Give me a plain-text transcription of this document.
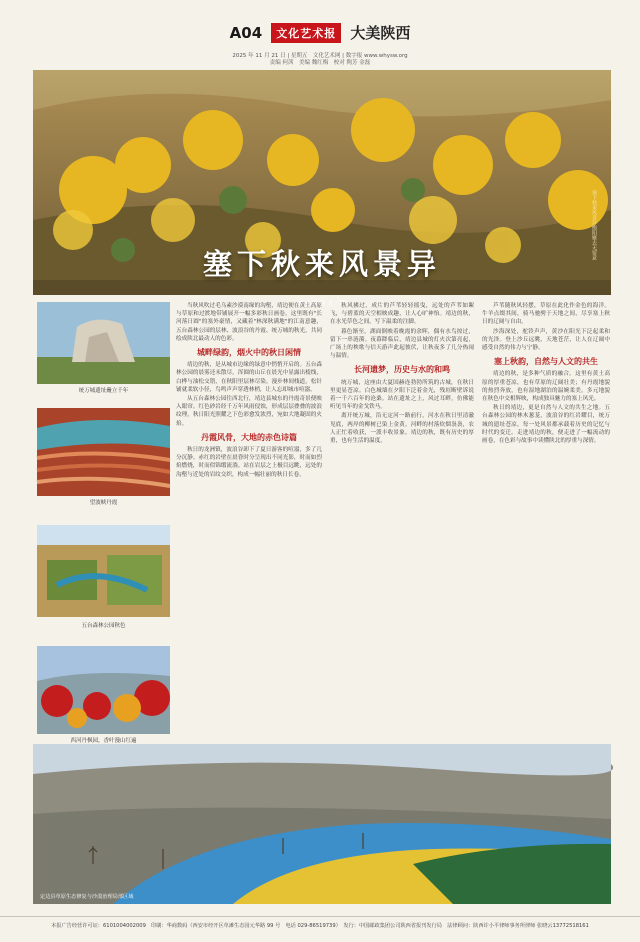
A04 文化艺术报 大美陕西
2025 年 11 月 21 日 | 星期五　文化艺术网 | 数字报 www.whysw.org
责编 何茜　美编 魏红梅　校对 陶芳 金磊
塞下秋来风景异
● 白凌燕 文／图
塞下秋来风景异衡阳雁去无留意
统万城遗址矗立千年
望波峡丹霞
五台森林公园秋色
西河丹枫园，香叶漫山红遍

当秋风吹过毛乌素沙漠南缘的沟壑，靖边便在黄土高原与草原和过渡地带铺展开一幅多彩秋日画卷。这里既有"长河落日圆"的塞外豪情，又藏着"林深秋满地"的江南意趣，五台森林公园的层林、波浪谷的丹霞、统万城的秋光，共同绘成陕北最动人的色彩。

城畔绿韵，烟火中的秋日闲情

靖边的秋，是从城市边缘的绿意中悄悄开启的。五台森林公园的晨雾还未散尽，浑圆的山丘在晨光中显露出棱线，白桦与油松交错，在秋阳里层林尽染。漫步林间栈道，松针铺就柔软小径，鸟鸣声声穿透林梢，让人忘却城市喧嚣。

从五台森林公园往西北行，靖边县城东的丹霞奇景便映入眼帘。红色砂岩经千万年风雨侵蚀，形成层层叠叠的波浪纹理，秋日阳光照耀之下色彩愈发浓烈，宛如大地凝固的火焰。

丹霞风骨，大地的赤色诗篇

秋日的龙洲镇，波浪谷卸下了夏日游客的喧嚣，多了几分沉静。赤红的岩壁在晨昏时分呈现出不同光影，时而如烈焰燃烧，时而似锦缎流淌。站在岩层之上极目远眺，远处的沟壑与近处的岩纹交织，构成一幅壮丽的秋日长卷。

秋风拂过，成片的芦苇轻轻摇曳，远处的芦苇如絮飞，与碧蓝的天空相映成趣，让人心旷神怡。靖边的秋，在水光草色之间，写下温柔的注脚。

暮色渐至，湖面倒映着晚霞的余晖，偶有水鸟掠过，留下一串涟漪。夜幕降临后，靖边县城的灯火次第亮起，广场上的秧歌与信天游声此起彼伏，让秋夜多了几分热闹与温情。

长河遗梦，历史与水的和鸣

统万城，这座由大夏国赫连勃勃所筑的古城，在秋日里更显苍凉。白色城墙在夕阳下泛着金光，残垣断壁诉说着一千六百年的沧桑。站在遗址之上，风过耳畔，仿佛能听见当年的金戈铁马。

离开统万城，沿无定河一路前行，河水在秋日里清澈见底，两岸的柳树已染上金黄。河畔的村落炊烟袅袅，农人正忙着收获，一派丰收景象。靖边的秋，既有历史的厚重，也有生活的温度。

芦苇随秋风轻摆，草原在此化作金色的海洋。牛羊点缀其间，骑马驰骋于天地之间，尽享塞上秋日的辽阔与自由。

沙海深处，驼铃声声，黄沙在阳光下泛起柔和的光泽。登上沙丘远眺，天地苍茫，让人在辽阔中感受自然的伟力与宁静。

塞上秋韵，自然与人文的共生

靖边的秋，是多种气质的融合。这里有黄土高原的厚重苍凉，也有草原的辽阔壮美；有丹霞地貌的热烈奔放，也有湿地湖泊的温婉柔美。多元地貌在秋色中交相辉映，构成独具魅力的塞上风光。

秋日的靖边，更是自然与人文的共生之地。五台森林公园的林木葱茏，波浪谷的红岩耀目，统万城的遗址苍凉，每一处风景都承载着历史的记忆与时代的变迁。走进靖边的秋，便走进了一幅流动的画卷，在色彩与故事中读懂陕北的厚重与深情。

定边县草原生态修复与沙漠治理局部区域
本报广告经营许可证：6101004002009　印刷：华商数码（西安市经开区草滩生态园元华路 99 号　电话 029-86519739）　发行：中国邮政集团公司陕西省报刊发行局　法律顾问：陕西许小平律师事务所律师 张晓云13772518161
